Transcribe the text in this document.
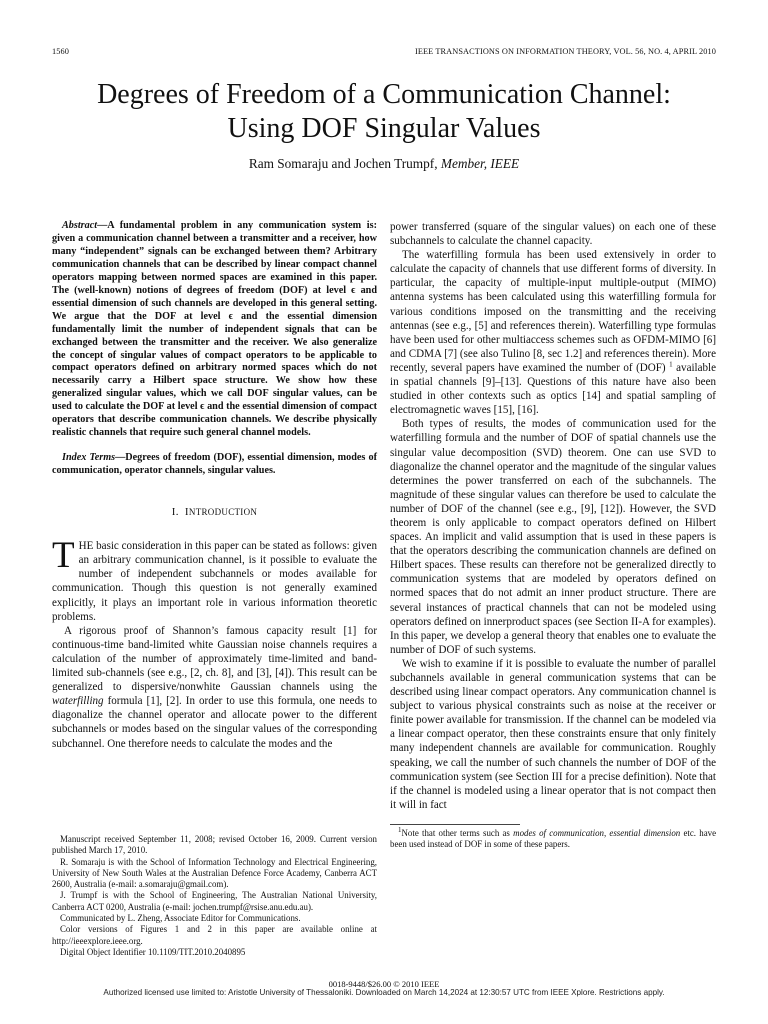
1560	IEEE TRANSACTIONS ON INFORMATION THEORY, VOL. 56, NO. 4, APRIL 2010
Degrees of Freedom of a Communication Channel:
Using DOF Singular Values
Ram Somaraju and Jochen Trumpf, Member, IEEE

Abstract—A fundamental problem in any communication system is: given a communication channel between a transmitter and a receiver, how many “independent” signals can be exchanged between them? Arbitrary communication channels that can be described by linear compact channel operators mapping between normed spaces are examined in this paper. The (well-known) notions of degrees of freedom (DOF) at level ϵ and essential dimension of such channels are developed in this general setting. We argue that the DOF at level ϵ and the essential dimension fundamentally limit the number of independent signals that can be exchanged between the transmitter and the receiver. We also generalize the concept of singular values of compact operators to be applicable to compact operators defined on arbitrary normed spaces which do not necessarily carry a Hilbert space structure. We show how these generalized singular values, which we call DOF singular values, can be used to calculate the DOF at level ϵ and the essential dimension of compact operators that describe communication channels. We describe physically realistic channels that require such general channel models.

Index Terms—Degrees of freedom (DOF), essential dimension, modes of communication, operator channels, singular values.
I. INTRODUCTION

THE basic consideration in this paper can be stated as follows: given an arbitrary communication channel, is it possible to evaluate the number of independent subchannels or modes available for communication. Though this question is not generally examined explicitly, it plays an important role in various information theoretic problems.

A rigorous proof of Shannon’s famous capacity result [1] for continuous-time band-limited white Gaussian noise channels requires a calculation of the number of approximately time-limited and band-limited sub-channels (see e.g., [2, ch. 8], and [3], [4]). This result can be generalized to dispersive/nonwhite Gaussian channels using the waterfilling formula [1], [2]. In order to use this formula, one needs to diagonalize the channel operator and allocate power to the different subchannels or modes based on the singular values of the corresponding subchannel. One therefore needs to calculate the modes and the

Manuscript received September 11, 2008; revised October 16, 2009. Current version published March 17, 2010.

R. Somaraju is with the School of Information Technology and Electrical Engineering, University of New South Wales at the Australian Defence Force Academy, Canberra ACT 2600, Australia (e-mail: a.somaraju@gmail.com).

J. Trumpf is with the School of Engineering, The Australian National University, Canberra ACT 0200, Australia (e-mail: jochen.trumpf@rsise.anu.edu.au).

Communicated by L. Zheng, Associate Editor for Communications.

Color versions of Figures 1 and 2 in this paper are available online at http://ieeexplore.ieee.org.

Digital Object Identifier 10.1109/TIT.2010.2040895

power transferred (square of the singular values) on each one of these subchannels to calculate the channel capacity.

The waterfilling formula has been used extensively in order to calculate the capacity of channels that use different forms of diversity. In particular, the capacity of multiple-input multiple-output (MIMO) antenna systems has been calculated using this waterfilling formula for various conditions imposed on the transmitting and the receiving antennas (see e.g., [5] and references therein). Waterfilling type formulas have been used for other multiaccess schemes such as OFDM-MIMO [6] and CDMA [7] (see also Tulino [8, sec 1.2] and references therein). More recently, several papers have examined the number of (DOF) $^1$ available in spatial channels [9]–[13]. Questions of this nature have also been studied in other contexts such as optics [14] and spatial sampling of electromagnetic waves [15], [16].

Both types of results, the modes of communication used for the waterfilling formula and the number of DOF of spatial channels use the singular value decomposition (SVD) theorem. One can use SVD to diagonalize the channel operator and the magnitude of the singular values determines the power transferred on each of the subchannels. The magnitude of these singular values can therefore be used to calculate the number of DOF of the channel (see e.g., [9], [12]). However, the SVD theorem is only applicable to compact operators defined on Hilbert spaces. An implicit and valid assumption that is used in these papers is that the operators describing the communication channels are defined on Hilbert spaces. These results can therefore not be generalized directly to communication systems that are modeled by operators defined on normed spaces that do not admit an inner product structure. There are several instances of practical channels that can not be modeled using operators defined on innerproduct spaces (see Section II-A for examples). In this paper, we develop a general theory that enables one to evaluate the number of DOF of such systems.

We wish to examine if it is possible to evaluate the number of parallel subchannels available in general communication systems that can be described using linear compact operators. Any communication channel is subject to various physical constraints such as noise at the receiver or finite power available for transmission. If the channel can be modeled via a linear compact operator, then these constraints ensure that only finitely many independent channels are available for communication. Roughly speaking, we call the number of such channels the number of DOF of the communication system (see Section III for a precise definition). Note that if the channel is modeled using a linear operator that is not compact then it will in fact

$^1$Note that other terms such as modes of communication, essential dimension etc. have been used instead of DOF in some of these papers.

0018-9448/$26.00 © 2010 IEEE
Authorized licensed use limited to: Aristotle University of Thessaloniki. Downloaded on March 14,2024 at 12:30:57 UTC from IEEE Xplore. Restrictions apply.
